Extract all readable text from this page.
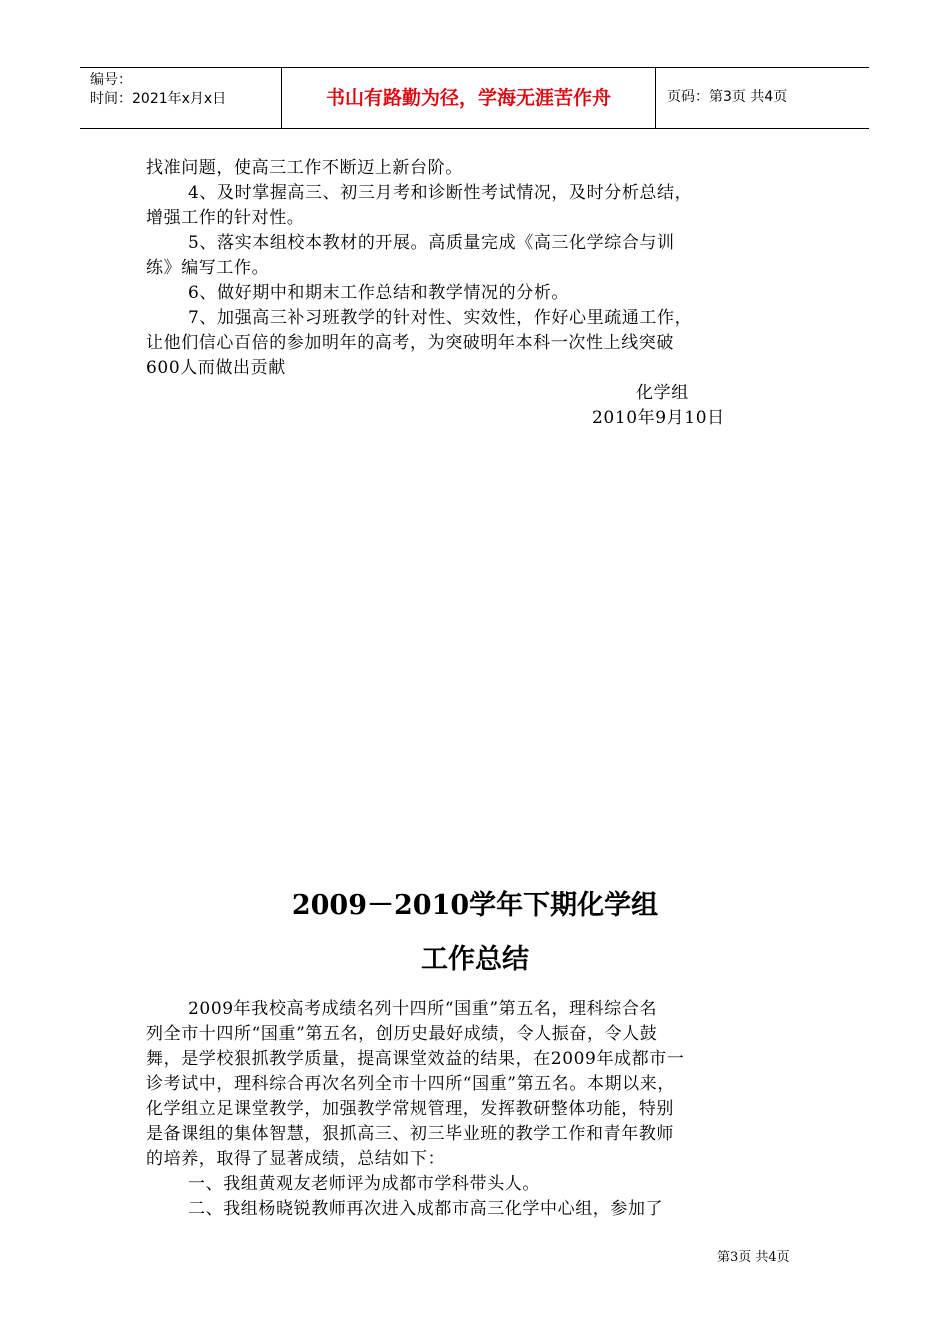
编号：
时间：2021年x月x日	书山有路勤为径，学海无涯苦作舟	页码：第3页 共4页
找准问题，使高三工作不断迈上新台阶。
4、及时掌握高三、初三月考和诊断性考试情况，及时分析总结，
增强工作的针对性。
5、落实本组校本教材的开展。高质量完成《高三化学综合与训
练》编写工作。
6、做好期中和期末工作总结和教学情况的分析。
7、加强高三补习班教学的针对性、实效性，作好心里疏通工作，
让他们信心百倍的参加明年的高考，为突破明年本科一次性上线突破
600人而做出贡献
化学组
2010年9月10日
2009－2010学年下期化学组
工作总结
2009年我校高考成绩名列十四所“国重”第五名，理科综合名
列全市十四所“国重”第五名，创历史最好成绩，令人振奋，令人鼓
舞，是学校狠抓教学质量，提高课堂效益的结果，在2009年成都市一
诊考试中，理科综合再次名列全市十四所“国重”第五名。本期以来，
化学组立足课堂教学，加强教学常规管理，发挥教研整体功能，特别
是备课组的集体智慧，狠抓高三、初三毕业班的教学工作和青年教师
的培养，取得了显著成绩，总结如下：
一、我组黄观友老师评为成都市学科带头人。
二、我组杨晓锐教师再次进入成都市高三化学中心组，参加了
第3页 共4页
